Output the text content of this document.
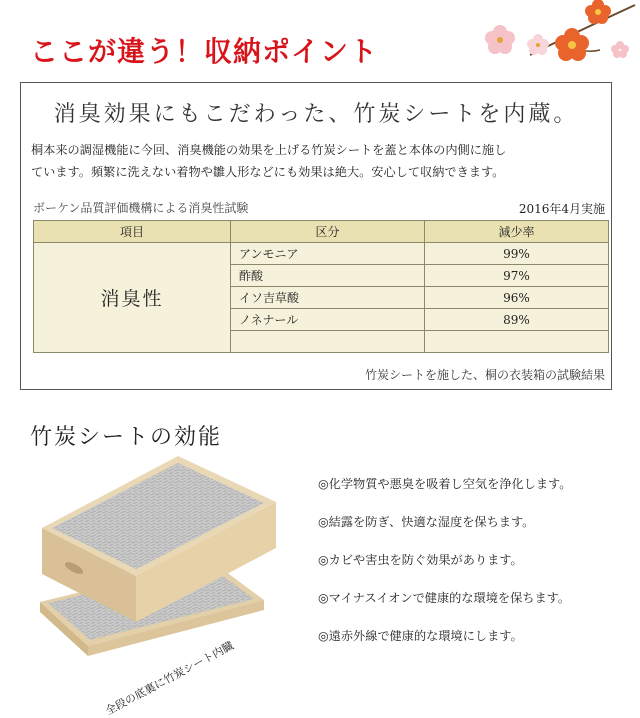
ここが違う！収納ポイント
消臭効果にもこだわった、竹炭シートを内蔵。
桐本来の調湿機能に今回、消臭機能の効果を上げる竹炭シートを蓋と本体の内側に施し
ています。頻繁に洗えない着物や雛人形などにも効果は絶大。安心して収納できます。
ボーケン品質評価機構による消臭性試験	2016年4月実施
項目	区分	減少率
消臭性	アンモニア	99%
	酢酸	97%
	イソ吉草酸	96%
	ノネナール	89%

竹炭シートを施した、桐の衣装箱の試験結果
竹炭シートの効能
全段の底裏に竹炭シート内臓
◎化学物質や悪臭を吸着し空気を浄化します。
◎結露を防ぎ、快適な湿度を保ちます。
◎カビや害虫を防ぐ効果があります。
◎マイナスイオンで健康的な環境を保ちます。
◎遠赤外線で健康的な環境にします。
